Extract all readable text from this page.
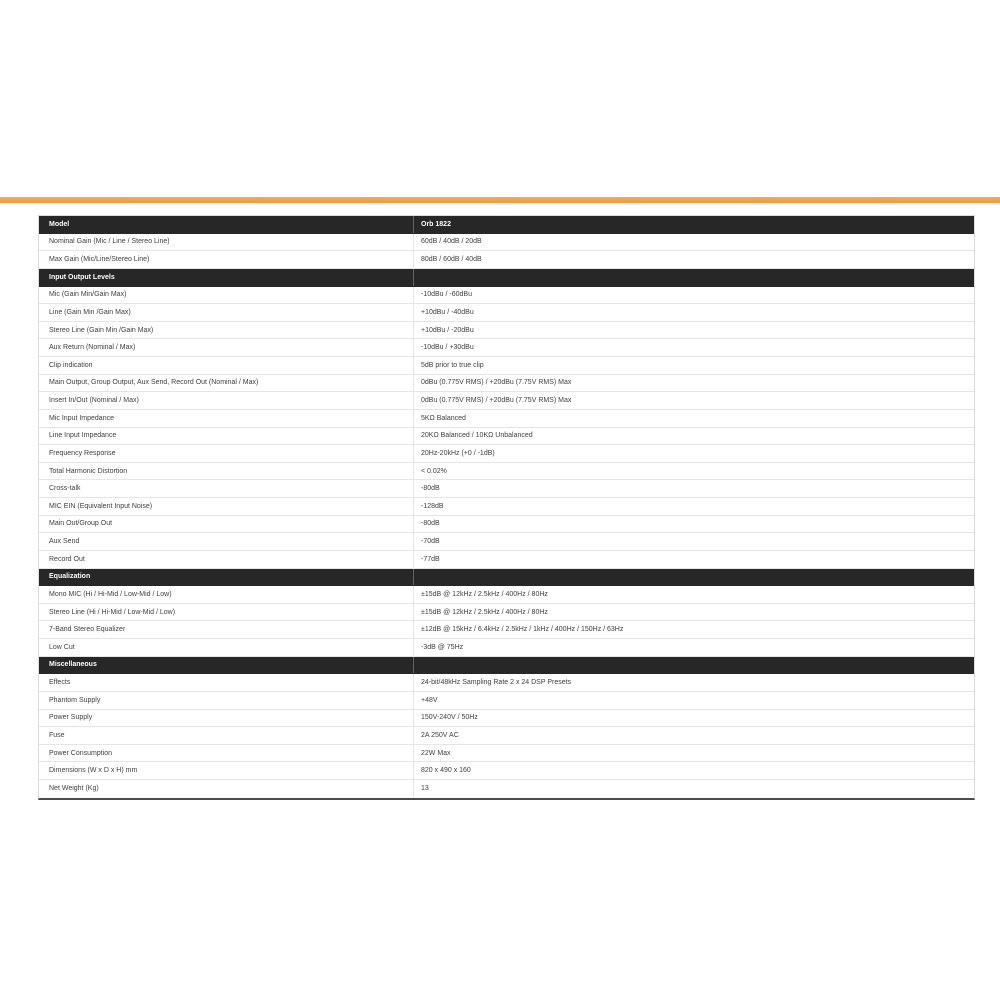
Model	Orb 1822
Nominal Gain (Mic / Line / Stereo Line)	60dB / 40dB / 20dB
Max Gain (Mic/Line/Stereo Line)	80dB / 60dB / 40dB
Input Output Levels
Mic (Gain Min/Gain Max)	-10dBu / -60dBu
Line (Gain Min /Gain Max)	+10dBu / -40dBu
Stereo Line (Gain Min /Gain Max)	+10dBu / -20dBu
Aux Return (Nominal / Max)	-10dBu / +30dBu
Clip indication	5dB prior to true clip
Main Output, Group Output, Aux Send, Record Out (Nominal / Max)	0dBu (0.775V RMS) / +20dBu (7.75V RMS) Max
Insert In/Out (Nominal / Max)	0dBu (0.775V RMS) / +20dBu (7.75V RMS) Max
Mic Input Impedance	5KΩ Balanced
Line Input Impedance	20KΩ Balanced / 10KΩ Unbalanced
Frequency Response	20Hz-20kHz (+0 / -1dB)
Total Harmonic Distortion	< 0.02%
Cross-talk	-80dB
MIC EIN (Equivalent Input Noise)	-128dB
Main Out/Group Out	-80dB
Aux Send	-70dB
Record Out	-77dB
Equalization
Mono MIC (Hi / Hi-Mid / Low-Mid / Low)	±15dB @ 12kHz / 2.5kHz / 400Hz / 80Hz
Stereo Line (Hi / Hi-Mid / Low-Mid / Low)	±15dB @ 12kHz / 2.5kHz / 400Hz / 80Hz
7-Band Stereo Equalizer	±12dB @ 15kHz / 6.4kHz / 2.5kHz / 1kHz / 400Hz / 150Hz / 63Hz
Low Cut	-3dB @ 75Hz
Miscellaneous
Effects	24-bit/48kHz Sampling Rate 2 x 24 DSP Presets
Phantom Supply	+48V
Power Supply	150V-240V / 50Hz
Fuse	2A 250V AC
Power Consumption	22W Max
Dimensions (W x D x H) mm	820 x 490 x 160
Net Weight (Kg)	13
